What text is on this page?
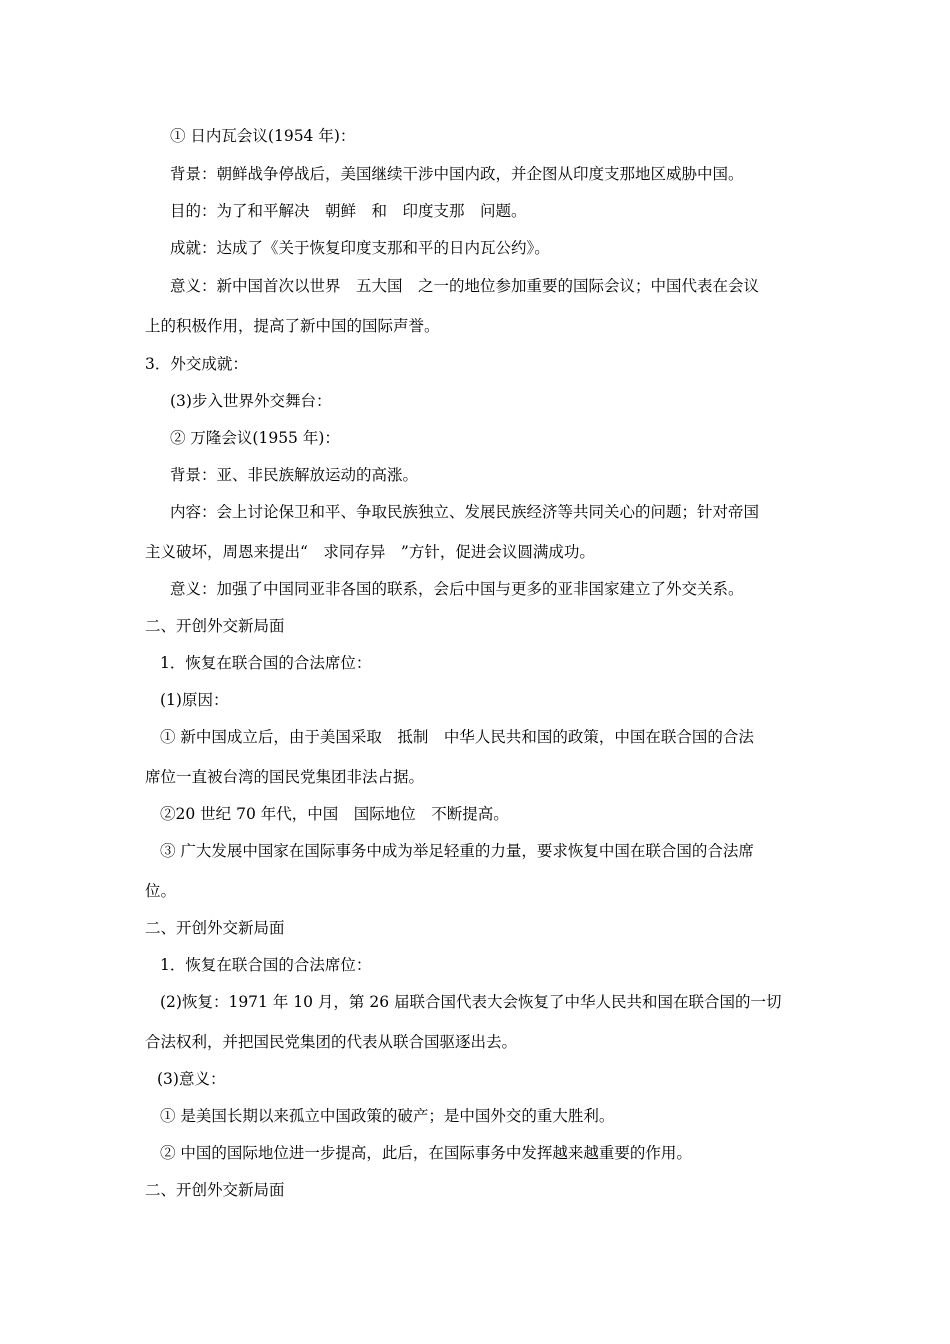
① 日内瓦会议(1954 年)：
背景：朝鲜战争停战后，美国继续干涉中国内政，并企图从印度支那地区威胁中国。
目的：为了和平解决　朝鲜　和　印度支那　问题。
成就：达成了《关于恢复印度支那和平的日内瓦公约》。
意义：新中国首次以世界　五大国　之一的地位参加重要的国际会议；中国代表在会议
上的积极作用，提高了新中国的国际声誉。
3．外交成就：
(3)步入世界外交舞台：
② 万隆会议(1955 年)：
背景：亚、非民族解放运动的高涨。
内容：会上讨论保卫和平、争取民族独立、发展民族经济等共同关心的问题；针对帝国
主义破坏，周恩来提出“　求同存异　”方针，促进会议圆满成功。
意义：加强了中国同亚非各国的联系，会后中国与更多的亚非国家建立了外交关系。
二、开创外交新局面
1．恢复在联合国的合法席位：
(1)原因：
① 新中国成立后，由于美国采取　抵制　中华人民共和国的政策，中国在联合国的合法
席位一直被台湾的国民党集团非法占据。
②20 世纪 70 年代，中国　国际地位　不断提高。
③ 广大发展中国家在国际事务中成为举足轻重的力量，要求恢复中国在联合国的合法席
位。
二、开创外交新局面
1．恢复在联合国的合法席位：
(2)恢复：1971 年 10 月，第 26 届联合国代表大会恢复了中华人民共和国在联合国的一切
合法权利，并把国民党集团的代表从联合国驱逐出去。
(3)意义：
① 是美国长期以来孤立中国政策的破产；是中国外交的重大胜利。
② 中国的国际地位进一步提高，此后，在国际事务中发挥越来越重要的作用。
二、开创外交新局面
